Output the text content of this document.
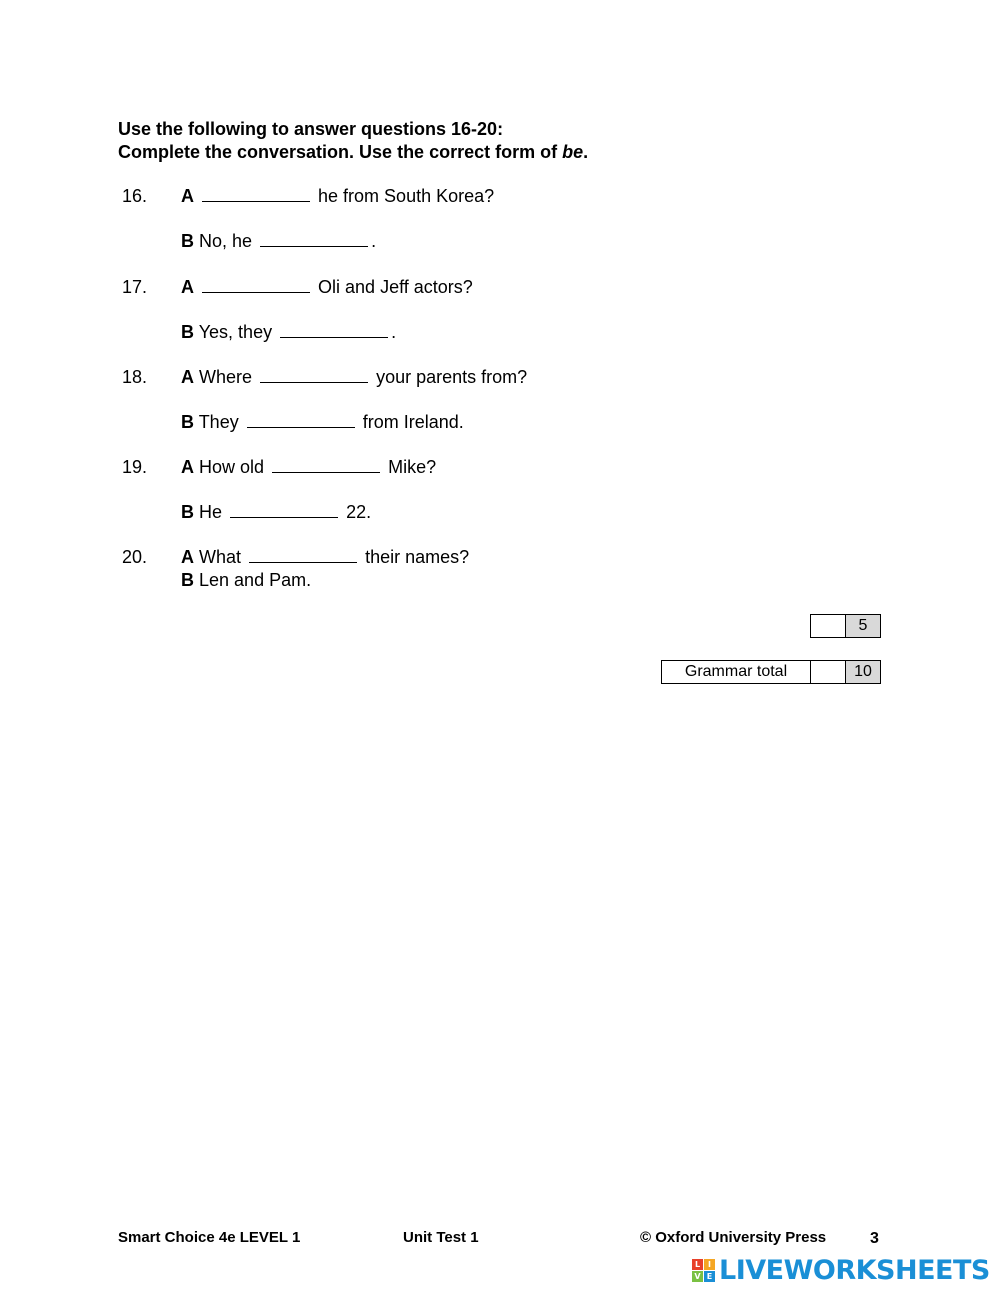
Use the following to answer questions 16-20:
Complete the conversation. Use the correct form of be.
16. A	he from South Korea?
B No, he	.
17. A	Oli and Jeff actors?
B Yes, they	.
18. A Where	your parents from?
B They	from Ireland.
19. A How old	Mike?
B He	22.
20. A What	their names?
B Len and Pam.
	5
Grammar total		10
Smart Choice 4e LEVEL 1	Unit Test 1	© Oxford University Press	3
L I
V E LIVEWORKSHEETS
